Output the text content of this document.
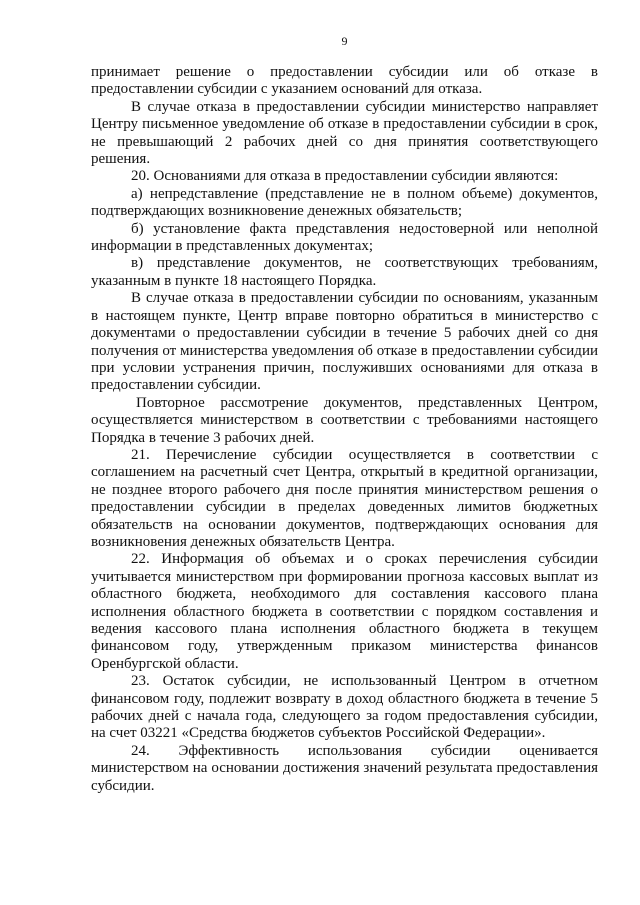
9

принимает решение о предоставлении субсидии или об отказе в предоставлении субсидии с указанием оснований для отказа.

В случае отказа в предоставлении субсидии министерство направляет Центру письменное уведомление об отказе в предоставлении субсидии в срок, не превышающий 2 рабочих дней со дня принятия соответствующего решения.

20. Основаниями для отказа в предоставлении субсидии являются:

а) непредставление (представление не в полном объеме) документов, подтверждающих возникновение денежных обязательств;

б) установление факта представления недостоверной или неполной информации в представленных документах;

в) представление документов, не соответствующих требованиям, указанным в пункте 18 настоящего Порядка.

В случае отказа в предоставлении субсидии по основаниям, указанным в настоящем пункте, Центр вправе повторно обратиться в министерство с документами о предоставлении субсидии в течение 5 рабочих дней со дня получения от министерства уведомления об отказе в предоставлении субсидии при условии устранения причин, послуживших основаниями для отказа в предоставлении субсидии.

Повторное рассмотрение документов, представленных Центром, осуществляется министерством в соответствии с требованиями настоящего Порядка в течение 3 рабочих дней.

21. Перечисление субсидии осуществляется в соответствии с соглашением на расчетный счет Центра, открытый в кредитной организации, не позднее второго рабочего дня после принятия министерством решения о предоставлении субсидии в пределах доведенных лимитов бюджетных обязательств на основании документов, подтверждающих основания для возникновения денежных обязательств Центра.

22. Информация об объемах и о сроках перечисления субсидии учитывается министерством при формировании прогноза кассовых выплат из областного бюджета, необходимого для составления кассового плана исполнения областного бюджета в соответствии с порядком составления и ведения кассового плана исполнения областного бюджета в текущем финансовом году, утвержденным приказом министерства финансов Оренбургской области.

23. Остаток субсидии, не использованный Центром в отчетном финансовом году, подлежит возврату в доход областного бюджета в течение 5 рабочих дней с начала года, следующего за годом предоставления субсидии, на счет 03221 «Средства бюджетов субъектов Российской Федерации».

24. Эффективность использования субсидии оценивается министерством на основании достижения значений результата предоставления субсидии.
